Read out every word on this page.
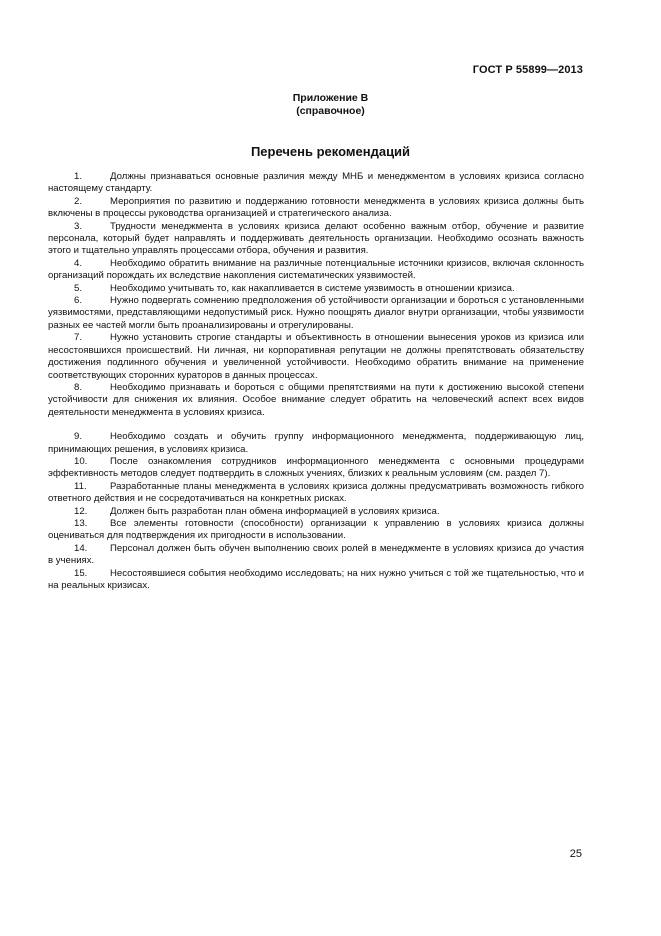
ГОСТ Р 55899—2013
Приложение В
(справочное)
Перечень рекомендаций

1.	Должны признаваться основные различия между МНБ и менеджментом в условиях кризиса согласно настоящему стандарту.

2.	Мероприятия по развитию и поддержанию готовности менеджмента в условиях кризиса должны быть включены в процессы руководства организацией и стратегического анализа.

3.	Трудности менеджмента в условиях кризиса делают особенно важным отбор, обучение и развитие персонала, который будет направлять и поддерживать деятельность организации. Необходимо осознать важность этого и тщательно управлять процессами отбора, обучения и развития.

4.	Необходимо обратить внимание на различные потенциальные источники кризисов, включая склонность организаций порождать их вследствие накопления систематических уязвимостей.

5.	Необходимо учитывать то, как накапливается в системе уязвимость в отношении кризиса.

6.	Нужно подвергать сомнению предположения об устойчивости организации и бороться с установленными уязвимостями, представляющими недопустимый риск. Нужно поощрять диалог внутри организации, чтобы уязвимости разных ее частей могли быть проанализированы и отрегулированы.

7.	Нужно установить строгие стандарты и объективность в отношении вынесения уроков из кризиса или несостоявшихся происшествий. Ни личная, ни корпоративная репутации не должны препятствовать обязательству достижения подлинного обучения и увеличенной устойчивости. Необходимо обратить внимание на применение соответствующих сторонних кураторов в данных процессах.

8.	Необходимо признавать и бороться с общими препятствиями на пути к достижению высокой степени устойчивости для снижения их влияния. Особое внимание следует обратить на человеческий аспект всех видов деятельности менеджмента в условиях кризиса.

9.	Необходимо создать и обучить группу информационного менеджмента, поддерживающую лиц, принимающих решения, в условиях кризиса.

10. После ознакомления сотрудников информационного менеджмента с основными процедурами эффективность методов следует подтвердить в сложных учениях, близких к реальным условиям (см. раздел 7).

11. Разработанные планы менеджмента в условиях кризиса должны предусматривать возможность гибкого ответного действия и не сосредотачиваться на конкретных рисках.

12. Должен быть разработан план обмена информацией в условиях кризиса.

13. Все элементы готовности (способности) организации к управлению в условиях кризиса должны оцениваться для подтверждения их пригодности в использовании.

14. Персонал должен быть обучен выполнению своих ролей в менеджменте в условиях кризиса до участия в учениях.

15. Несостоявшиеся события необходимо исследовать; на них нужно учиться с той же тщательностью, что и на реальных кризисах.

25
